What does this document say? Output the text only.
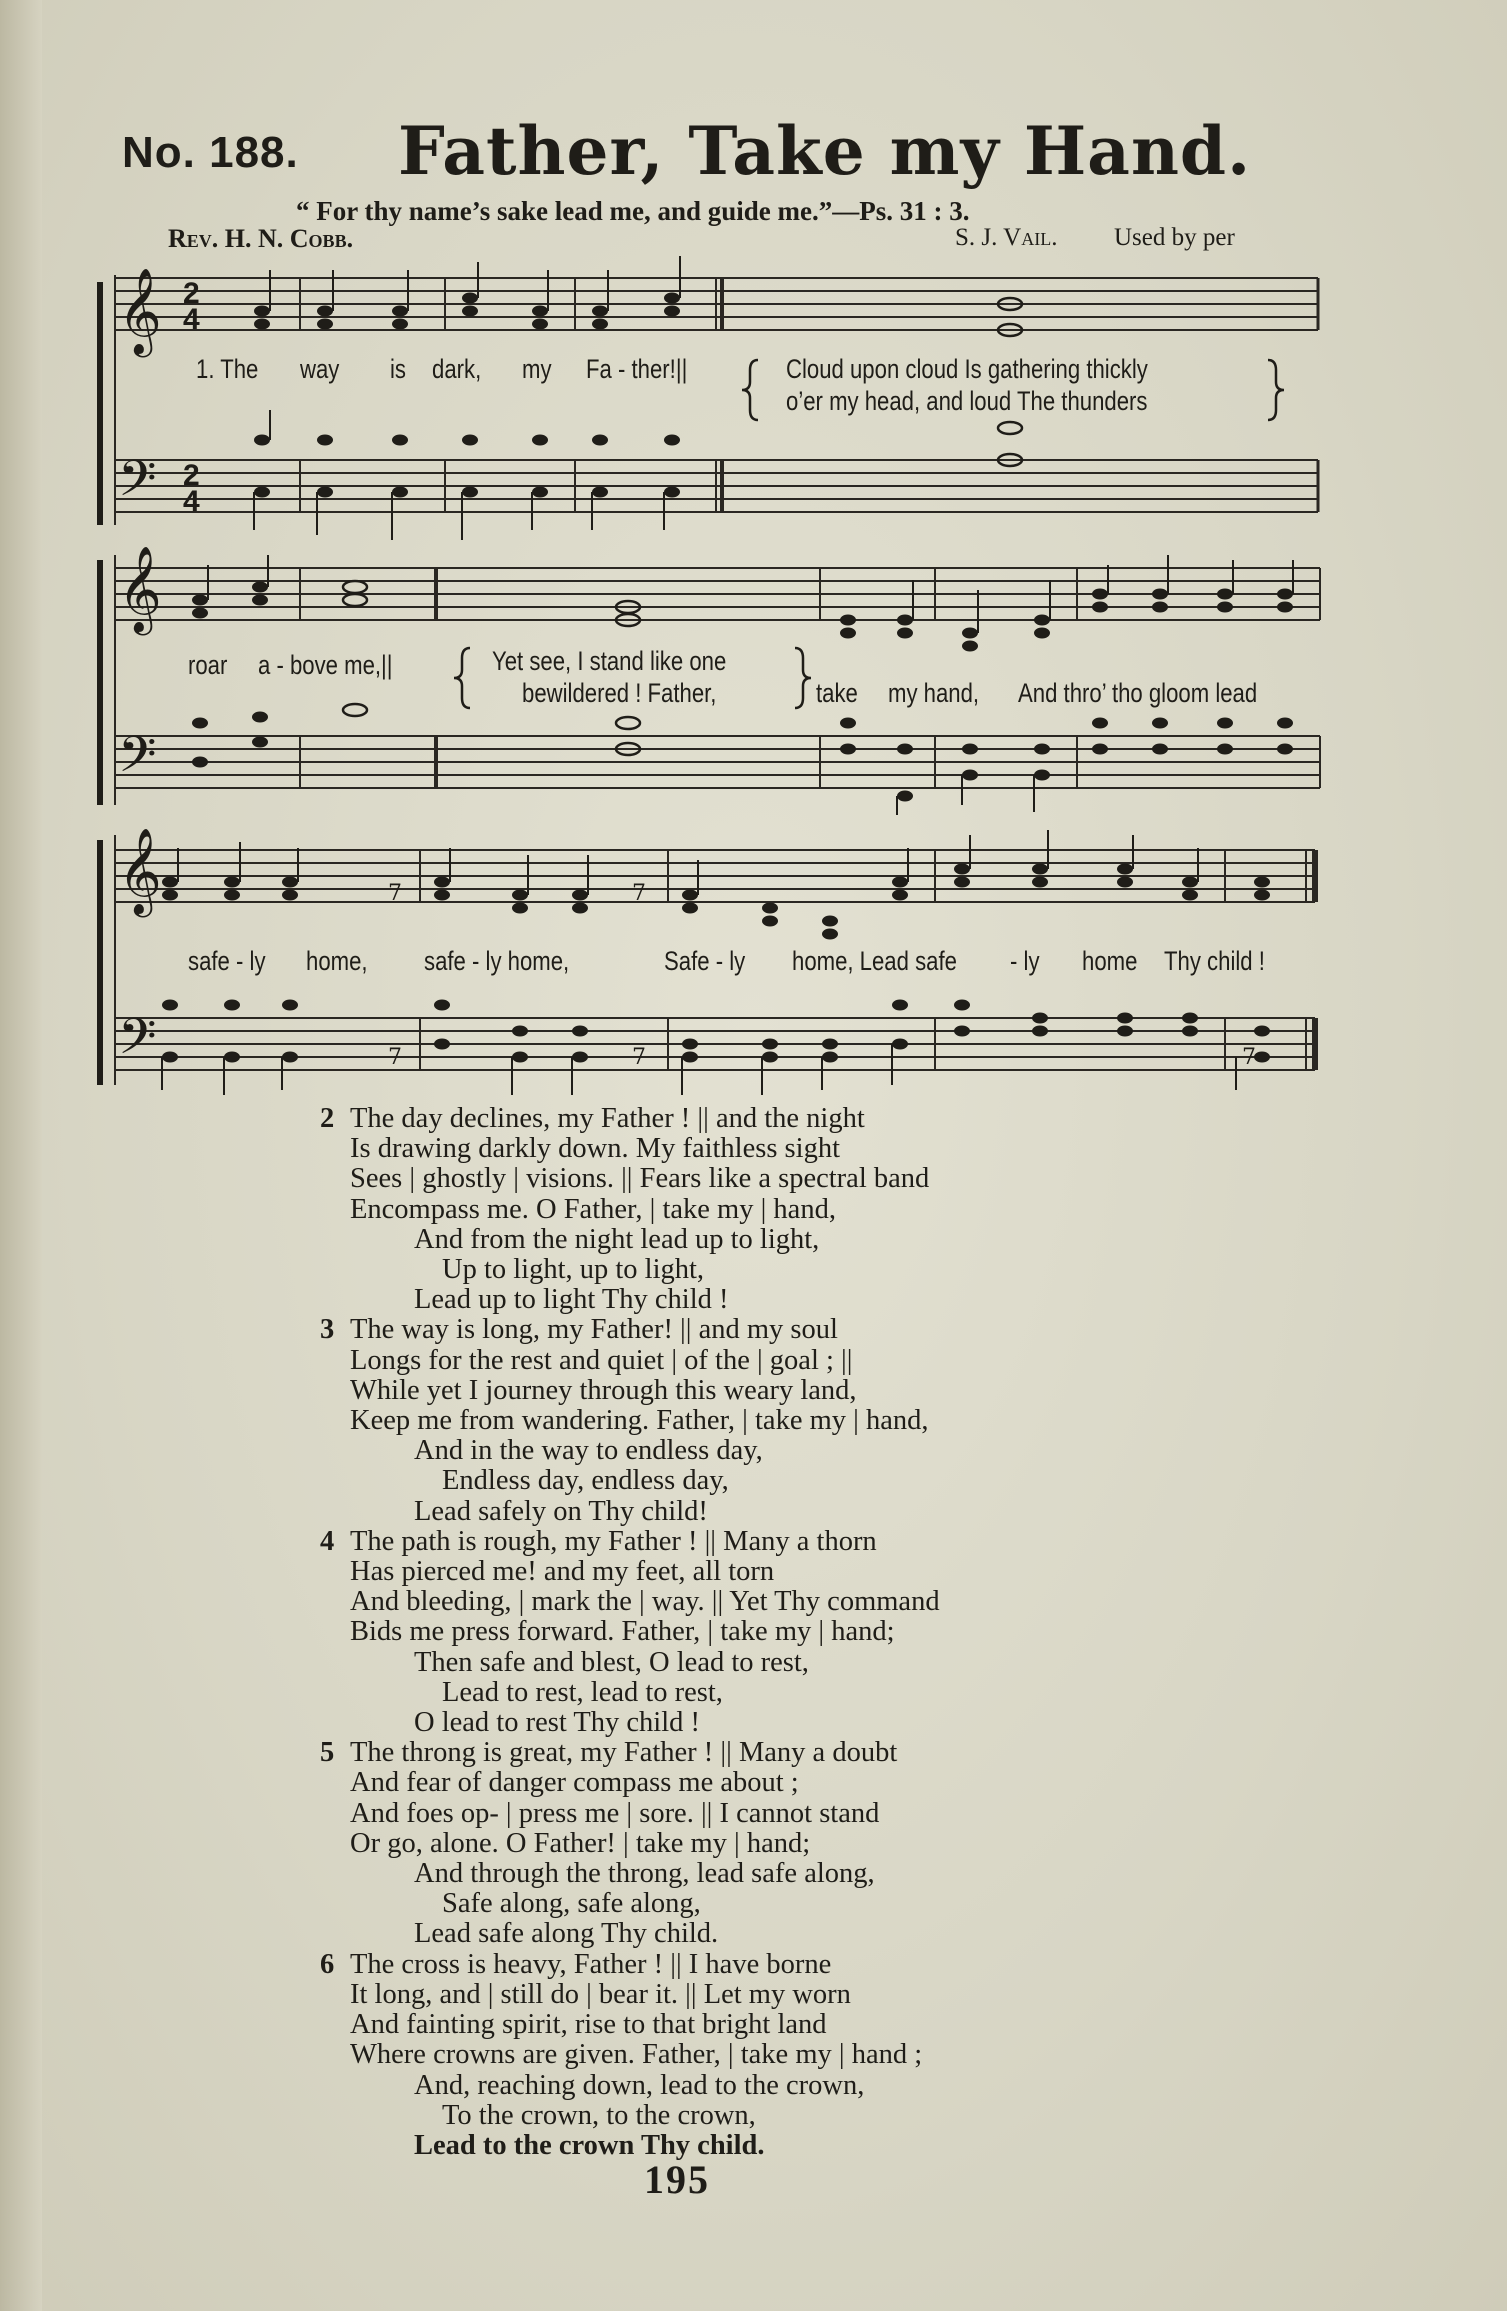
No. 188. Father, Take my Hand.
“ For thy name’s sake lead me, and guide me.”—Ps. 31 : 3.
Rev. H. N. Cobb.	S. J. Vail. Used by per
𝄞
𝄢
𝄞
𝄢
𝄞
𝄢
2
4
2
4
7	7
7	7	7
1. The way is dark, my Fa - ther!||	Cloud upon cloud Is gathering thickly
o’er my head, and loud The thunders
roar a - bove me,||	Yet see, I stand like one
bewildered ! Father,	take my hand, And thro’ tho gloom lead
safe - ly home, safe - ly home,	Safe - ly home, Lead safe - ly home Thy child !
2 The day declines, my Father ! || and the night
Is drawing darkly down. My faithless sight
Sees | ghostly | visions. || Fears like a spectral band
Encompass me. O Father, | take my | hand,
And from the night lead up to light,
Up to light, up to light,
Lead up to light Thy child !
3 The way is long, my Father! || and my soul
Longs for the rest and quiet | of the | goal ; ||
While yet I journey through this weary land,
Keep me from wandering. Father, | take my | hand,
And in the way to endless day,
Endless day, endless day,
Lead safely on Thy child!
4 The path is rough, my Father ! || Many a thorn
Has pierced me! and my feet, all torn
And bleeding, | mark the | way. || Yet Thy command
Bids me press forward. Father, | take my | hand;
Then safe and blest, O lead to rest,
Lead to rest, lead to rest,
O lead to rest Thy child !
5 The throng is great, my Father ! || Many a doubt
And fear of danger compass me about ;
And foes op- | press me | sore. || I cannot stand
Or go, alone. O Father! | take my | hand;
And through the throng, lead safe along,
Safe along, safe along,
Lead safe along Thy child.
6 The cross is heavy, Father ! || I have borne
It long, and | still do | bear it. || Let my worn
And fainting spirit, rise to that bright land
Where crowns are given. Father, | take my | hand ;
And, reaching down, lead to the crown,
To the crown, to the crown,
Lead to the crown Thy child.
195
